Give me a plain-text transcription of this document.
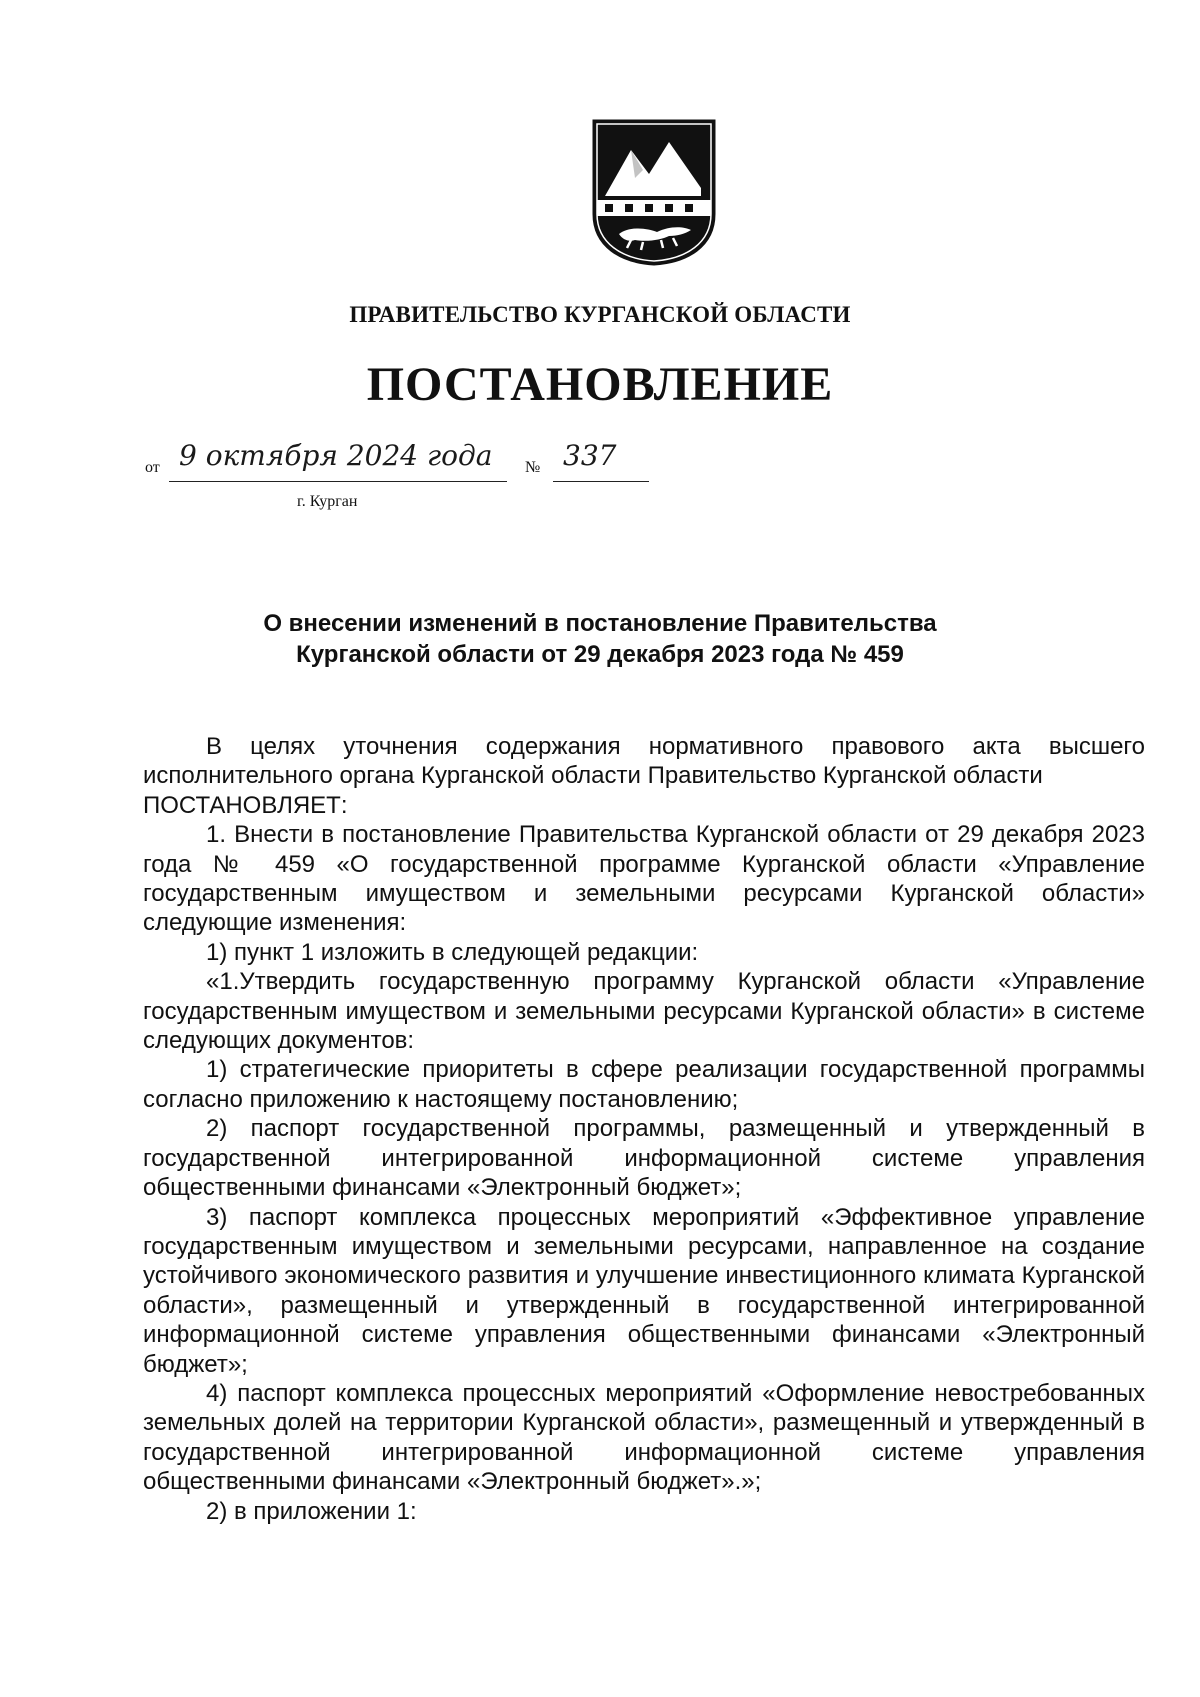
ПРАВИТЕЛЬСТВО КУРГАНСКОЙ ОБЛАСТИ
ПОСТАНОВЛЕНИЕ
от 9 октября 2024 года № 337
г. Курган
О внесении изменений в постановление Правительства
Курганской области от 29 декабря 2023 года № 459

В целях уточнения содержания нормативного правового акта высшего исполнительного органа Курганской области Правительство Курганской области

ПОСТАНОВЛЯЕТ:

1. Внести в постановление Правительства Курганской области от 29 декабря 2023 года № 459 «О государственной программе Курганской области «Управление государственным имуществом и земельными ресурсами Курганской области» следующие изменения:

1) пункт 1 изложить в следующей редакции:

«1.Утвердить государственную программу Курганской области «Управление государственным имуществом и земельными ресурсами Курганской области» в системе следующих документов:

1) стратегические приоритеты в сфере реализации государственной программы согласно приложению к настоящему постановлению;

2) паспорт государственной программы, размещенный и утвержденный в государственной интегрированной информационной системе управления общественными финансами «Электронный бюджет»;

3) паспорт комплекса процессных мероприятий «Эффективное управление государственным имуществом и земельными ресурсами, направленное на создание устойчивого экономического развития и улучшение инвестиционного климата Курганской области», размещенный и утвержденный в государственной интегрированной информационной системе управления общественными финансами «Электронный бюджет»;

4) паспорт комплекса процессных мероприятий «Оформление невостребованных земельных долей на территории Курганской области», размещенный и утвержденный в государственной интегрированной информационной системе управления общественными финансами «Электронный бюджет».»;

2) в приложении 1:
